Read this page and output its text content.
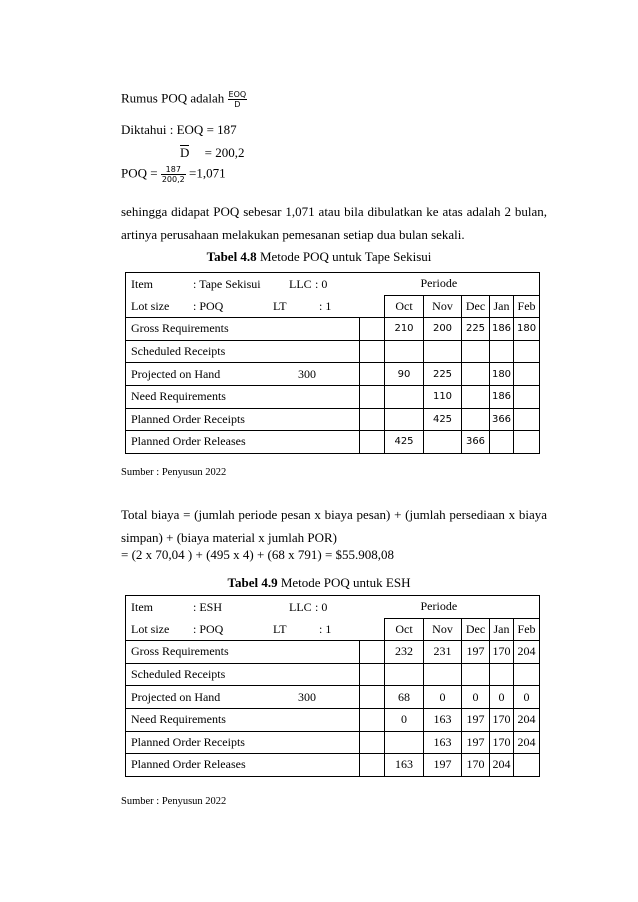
Rumus POQ adalah $\frac{\text{EOQ}}{D}$
Diktahui : EOQ = 187
D = 200,2
POQ = $\frac{187}{200,2} =1,071$
sehingga didapat POQ sebesar 1,071 atau bila dibulatkan ke atas adalah 2 bulan, artinya perusahaan melakukan pemesanan setiap dua bulan sekali.
Tabel 4.8 Metode POQ untuk Tape Sekisui
Item : Tape Sekisui LLC : 0		Periode				
Lot size : POQ LT : 1		Oct	Nov	Dec	Jan	Feb
Gross Requirements		210	200	225	186	180
Scheduled Receipts						
Projected on Hand 300		90	225		180	
Need Requirements			110		186	
Planned Order Receipts			425		366	
Planned Order Releases		425		366		
Sumber : Penyusun 2022
Total biaya = (jumlah periode pesan x biaya pesan) + (jumlah persediaan x biaya simpan) + (biaya material x jumlah POR)
= (2 x 70,04 ) + (495 x 4) + (68 x 791) = $55.908,08
Tabel 4.9 Metode POQ untuk ESH
Item : ESH LLC : 0		Periode				
Lot size : POQ LT : 1		Oct	Nov	Dec	Jan	Feb
Gross Requirements		232	231	197	170	204
Scheduled Receipts						
Projected on Hand 300		68	0	0	0	0
Need Requirements		0	163	197	170	204
Planned Order Receipts			163	197	170	204
Planned Order Releases		163	197	170	204	
Sumber : Penyusun 2022
